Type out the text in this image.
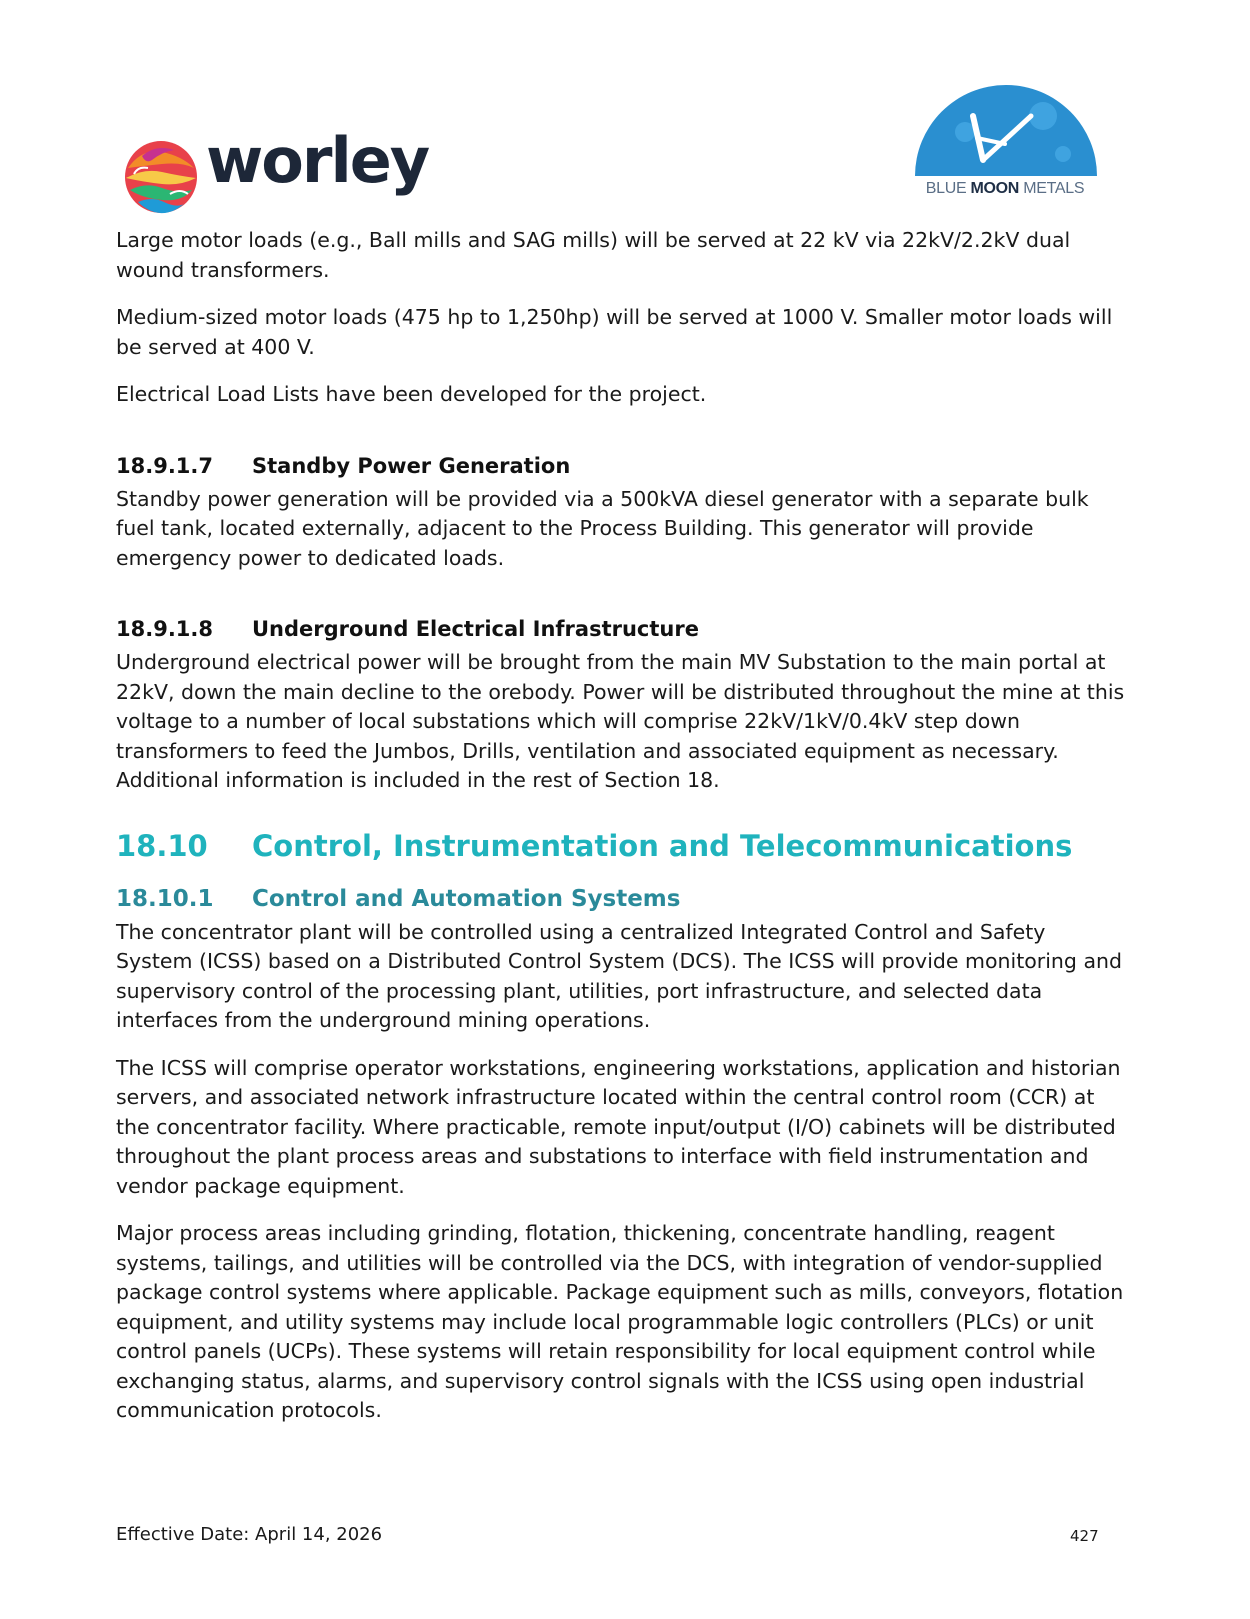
worley	BLUE MOON METALS

Large motor loads (e.g., Ball mills and SAG mills) will be served at 22 kV via 22kV/2.2kV dual wound transformers.

Medium-sized motor loads (475 hp to 1,250hp) will be served at 1000 V. Smaller motor loads will be served at 400 V.

Electrical Load Lists have been developed for the project.

18.9.1.7 Standby Power Generation

Standby power generation will be provided via a 500kVA diesel generator with a separate bulk fuel tank, located externally, adjacent to the Process Building. This generator will provide emergency power to dedicated loads.

18.9.1.8 Underground Electrical Infrastructure

Underground electrical power will be brought from the main MV Substation to the main portal at 22kV, down the main decline to the orebody. Power will be distributed throughout the mine at this voltage to a number of local substations which will comprise 22kV/1kV/0.4kV step down transformers to feed the Jumbos, Drills, ventilation and associated equipment as necessary. Additional information is included in the rest of Section 18.

18.10 Control, Instrumentation and Telecommunications
18.10.1 Control and Automation Systems

The concentrator plant will be controlled using a centralized Integrated Control and Safety System (ICSS) based on a Distributed Control System (DCS). The ICSS will provide monitoring and supervisory control of the processing plant, utilities, port infrastructure, and selected data interfaces from the underground mining operations.

The ICSS will comprise operator workstations, engineering workstations, application and historian servers, and associated network infrastructure located within the central control room (CCR) at the concentrator facility. Where practicable, remote input/output (I/O) cabinets will be distributed throughout the plant process areas and substations to interface with field instrumentation and vendor package equipment.

Major process areas including grinding, flotation, thickening, concentrate handling, reagent systems, tailings, and utilities will be controlled via the DCS, with integration of vendor-supplied package control systems where applicable. Package equipment such as mills, conveyors, flotation equipment, and utility systems may include local programmable logic controllers (PLCs) or unit control panels (UCPs). These systems will retain responsibility for local equipment control while exchanging status, alarms, and supervisory control signals with the ICSS using open industrial communication protocols.

Effective Date: April 14, 2026	427
